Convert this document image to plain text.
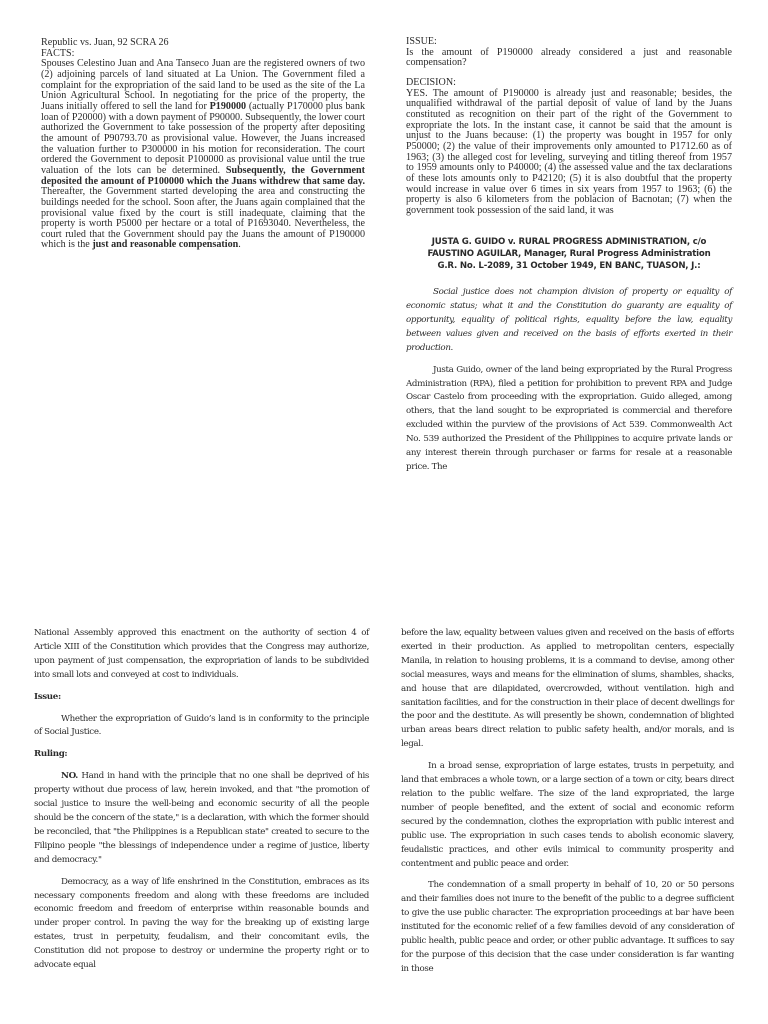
Republic vs. Juan, 92 SCRA 26

FACTS:

Spouses Celestino Juan and Ana Tanseco Juan are the registered owners of two (2) adjoining parcels of land situated at La Union. The Government filed a complaint for the expropriation of the said land to be used as the site of the La Union Agricultural School. In negotiating for the price of the property, the Juans initially offered to sell the land for P190000 (actually P170000 plus bank loan of P20000) with a down payment of P90000. Subsequently, the lower court authorized the Government to take possession of the property after depositing the amount of P90793.70 as provisional value. However, the Juans increased the valuation further to P300000 in his motion for reconsideration. The court ordered the Government to deposit P100000 as provisional value until the true valuation of the lots can be determined. Subsequently, the Government deposited the amount of P100000 which the Juans withdrew that same day. Thereafter, the Government started developing the area and constructing the buildings needed for the school. Soon after, the Juans again complained that the provisional value fixed by the court is still inadequate, claiming that the property is worth P5000 per hectare or a total of P1693040. Nevertheless, the court ruled that the Government should pay the Juans the amount of P190000 which is the just and reasonable compensation.

ISSUE:

Is the amount of P190000 already considered a just and reasonable compensation?

DECISION:

YES. The amount of P190000 is already just and reasonable; besides, the unqualified withdrawal of the partial deposit of value of land by the Juans constituted as recognition on their part of the right of the Government to expropriate the lots. In the instant case, it cannot be said that the amount is unjust to the Juans because: (1) the property was bought in 1957 for only P50000; (2) the value of their improvements only amounted to P1712.60 as of 1963; (3) the alleged cost for leveling, surveying and titling thereof from 1957 to 1959 amounts only to P40000; (4) the assessed value and the tax declarations of these lots amounts only to P42120; (5) it is also doubtful that the property would increase in value over 6 times in six years from 1957 to 1963; (6) the property is also 6 kilometers from the poblacion of Bacnotan; (7) when the government took possession of the said land, it was

JUSTA G. GUIDO v. RURAL PROGRESS ADMINISTRATION, c/o
FAUSTINO AGUILAR, Manager, Rural Progress Administration
G.R. No. L-2089, 31 October 1949, EN BANC, TUASON, J.:

Social justice does not champion division of property or equality of economic status; what it and the Constitution do guaranty are equality of opportunity, equality of political rights, equality before the law, equality between values given and received on the basis of efforts exerted in their production.

Justa Guido, owner of the land being expropriated by the Rural Progress Administration (RPA), filed a petition for prohibition to prevent RPA and Judge Oscar Castelo from proceeding with the expropriation. Guido alleged, among others, that the land sought to be expropriated is commercial and therefore excluded within the purview of the provisions of Act 539. Commonwealth Act No. 539 authorized the President of the Philippines to acquire private lands or any interest therein through purchaser or farms for resale at a reasonable price. The

National Assembly approved this enactment on the authority of section 4 of Article XIII of the Constitution which provides that the Congress may authorize, upon payment of just compensation, the expropriation of lands to be subdivided into small lots and conveyed at cost to individuals.

Issue:

Whether the expropriation of Guido’s land is in conformity to the principle of Social Justice.

Ruling:

NO. Hand in hand with the principle that no one shall be deprived of his property without due process of law, herein invoked, and that "the promotion of social justice to insure the well-being and economic security of all the people should be the concern of the state," is a declaration, with which the former should be reconciled, that "the Philippines is a Republican state" created to secure to the Filipino people "the blessings of independence under a regime of justice, liberty and democracy."

Democracy, as a way of life enshrined in the Constitution, embraces as its necessary components freedom and along with these freedoms are included economic freedom and freedom of enterprise within reasonable bounds and under proper control. In paving the way for the breaking up of existing large estates, trust in perpetuity, feudalism, and their concomitant evils, the Constitution did not propose to destroy or undermine the property right or to advocate equal

before the law, equality between values given and received on the basis of efforts exerted in their production. As applied to metropolitan centers, especially Manila, in relation to housing problems, it is a command to devise, among other social measures, ways and means for the elimination of slums, shambles, shacks, and house that are dilapidated, overcrowded, without ventilation. high and sanitation facilities, and for the construction in their place of decent dwellings for the poor and the destitute. As will presently be shown, condemnation of blighted urban areas bears direct relation to public safety health, and/or morals, and is legal.

In a broad sense, expropriation of large estates, trusts in perpetuity, and land that embraces a whole town, or a large section of a town or city, bears direct relation to the public welfare. The size of the land expropriated, the large number of people benefited, and the extent of social and economic reform secured by the condemnation, clothes the expropriation with public interest and public use. The expropriation in such cases tends to abolish economic slavery, feudalistic practices, and other evils inimical to community prosperity and contentment and public peace and order.

The condemnation of a small property in behalf of 10, 20 or 50 persons and their families does not inure to the benefit of the public to a degree sufficient to give the use public character. The expropriation proceedings at bar have been instituted for the economic relief of a few families devoid of any consideration of public health, public peace and order, or other public advantage. It suffices to say for the purpose of this decision that the case under consideration is far wanting in those
